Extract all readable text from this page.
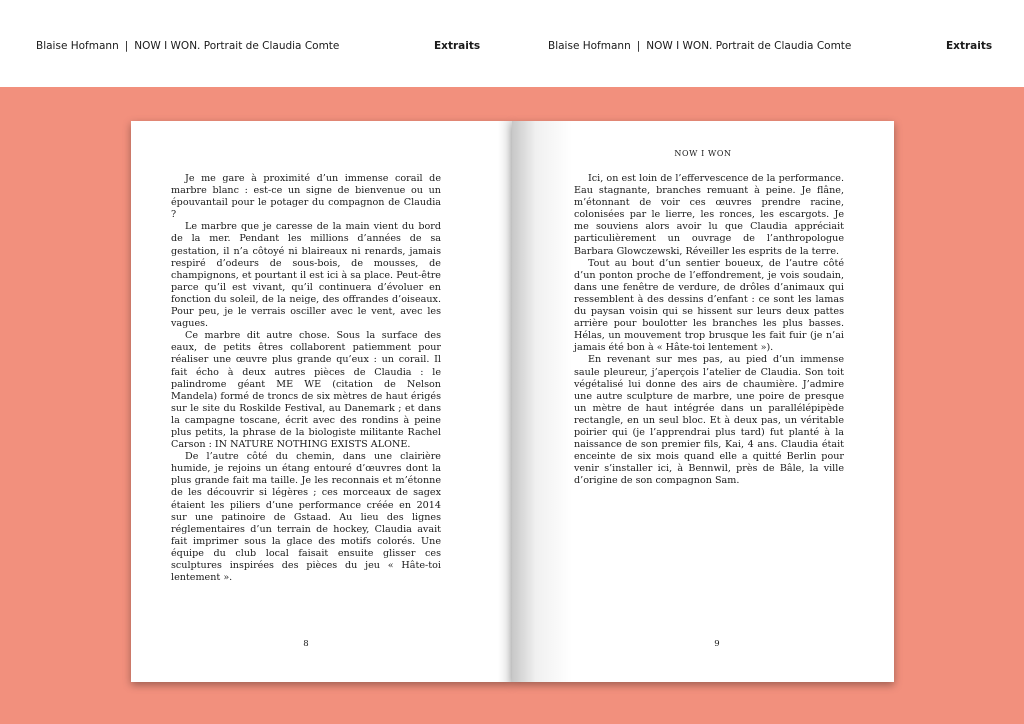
Blaise Hofmann | NOW I WON. Portrait de Claudia Comte	Extraits	Blaise Hofmann | NOW I WON. Portrait de Claudia Comte	Extraits

Je me gare à proximité d’un immense corail de marbre blanc : est-ce un signe de bienvenue ou un épouvantail pour le potager du compagnon de Claudia ?

Le marbre que je caresse de la main vient du bord de la mer. Pendant les millions d’années de sa gestation, il n’a côtoyé ni blaireaux ni renards, jamais respiré d’odeurs de sous-bois, de mousses, de champignons, et pourtant il est ici à sa place. Peut-être parce qu’il est vivant, qu’il continuera d’évoluer en fonction du soleil, de la neige, des offrandes d’oiseaux. Pour peu, je le verrais osciller avec le vent, avec les vagues.

Ce marbre dit autre chose. Sous la surface des eaux, de petits êtres collaborent patiemment pour réaliser une œuvre plus grande qu’eux : un corail. Il fait écho à deux autres pièces de Claudia : le palindrome géant ME WE (citation de Nelson Mandela) formé de troncs de six mètres de haut érigés sur le site du Roskilde Festival, au Danemark ; et dans la campagne toscane, écrit avec des rondins à peine plus petits, la phrase de la biologiste militante Rachel Carson : IN NATURE NOTHING EXISTS ALONE.

De l’autre côté du chemin, dans une clairière humide, je rejoins un étang entouré d’œuvres dont la plus grande fait ma taille. Je les reconnais et m’étonne de les découvrir si légères ; ces morceaux de sagex étaient les piliers d’une performance créée en 2014 sur une patinoire de Gstaad. Au lieu des lignes réglementaires d’un terrain de hockey, Claudia avait fait imprimer sous la glace des motifs colorés. Une équipe du club local faisait ensuite glisser ces sculptures inspirées des pièces du jeu « Hâte-toi lentement ».

8
NOW I WON

Ici, on est loin de l’effervescence de la performance. Eau stagnante, branches remuant à peine. Je flâne, m’étonnant de voir ces œuvres prendre racine, colonisées par le lierre, les ronces, les escargots. Je me souviens alors avoir lu que Claudia appréciait particulièrement un ouvrage de l’anthropologue Barbara Glowczewski, Réveiller les esprits de la terre.

Tout au bout d’un sentier boueux, de l’autre côté d’un ponton proche de l’effondrement, je vois soudain, dans une fenêtre de verdure, de drôles d’animaux qui ressemblent à des dessins d’enfant : ce sont les lamas du paysan voisin qui se hissent sur leurs deux pattes arrière pour boulotter les branches les plus basses. Hélas, un mouvement trop brusque les fait fuir (je n’ai jamais été bon à « Hâte-toi lentement »).

En revenant sur mes pas, au pied d’un immense saule pleureur, j’aperçois l’atelier de Claudia. Son toit végétalisé lui donne des airs de chaumière. J’admire une autre sculpture de marbre, une poire de presque un mètre de haut intégrée dans un parallélépipède rectangle, en un seul bloc. Et à deux pas, un véritable poirier qui (je l’apprendrai plus tard) fut planté à la naissance de son premier fils, Kai, 4 ans. Claudia était enceinte de six mois quand elle a quitté Berlin pour venir s’installer ici, à Bennwil, près de Bâle, la ville d’origine de son compagnon Sam.

9
